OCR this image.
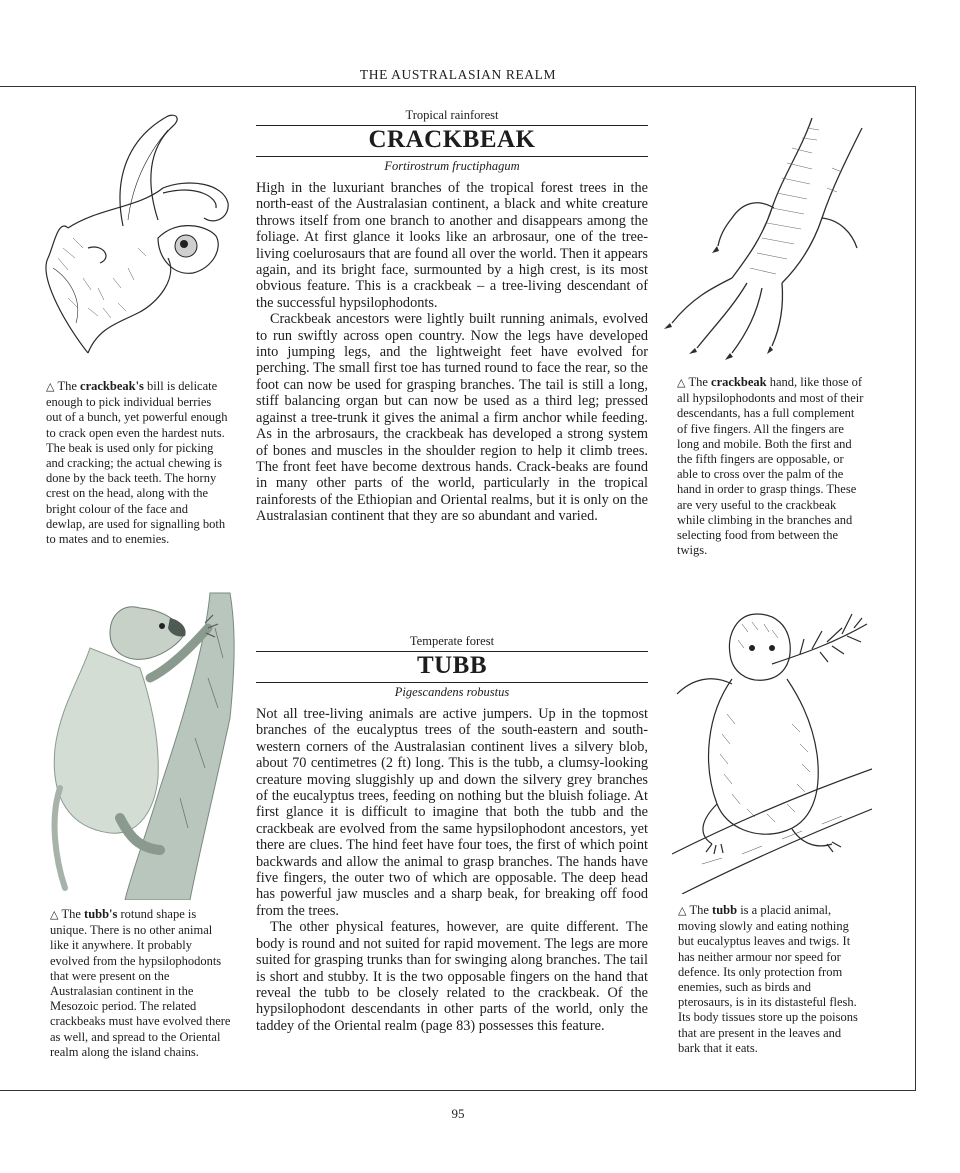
THE AUSTRALASIAN REALM
△ The crackbeak's bill is delicate enough to pick individual berries out of a bunch, yet powerful enough to crack open even the hardest nuts. The beak is used only for picking and cracking; the actual chewing is done by the back teeth. The horny crest on the head, along with the bright colour of the face and dewlap, are used for signalling both to mates and to enemies.

Tropical rainforest

CRACKBEAK

Fortirostrum fructiphagum

High in the luxuriant branches of the tropical forest trees in the north-east of the Australasian continent, a black and white creature throws itself from one branch to another and disappears among the foliage. At first glance it looks like an arbrosaur, one of the tree-living coelurosaurs that are found all over the world. Then it appears again, and its bright face, surmounted by a high crest, is its most obvious feature. This is a crackbeak – a tree-living descendant of the successful hypsilophodonts.

Crackbeak ancestors were lightly built running animals, evolved to run swiftly across open country. Now the legs have developed into jumping legs, and the lightweight feet have evolved for perching. The small first toe has turned round to face the rear, so the foot can now be used for grasping branches. The tail is still a long, stiff balancing organ but can now be used as a third leg; pressed against a tree-trunk it gives the animal a firm anchor while feeding. As in the arbrosaurs, the crackbeak has developed a strong system of bones and muscles in the shoulder region to help it climb trees. The front feet have become dextrous hands. Crack-beaks are found in many other parts of the world, particularly in the tropical rainforests of the Ethiopian and Oriental realms, but it is only on the Australasian continent that they are so abundant and varied.

△ The crackbeak hand, like those of all hypsilophodonts and most of their descendants, has a full complement of five fingers. All the fingers are long and mobile. Both the first and the fifth fingers are opposable, or able to cross over the palm of the hand in order to grasp things. These are very useful to the crackbeak while climbing in the branches and selecting food from between the twigs.
△ The tubb's rotund shape is unique. There is no other animal like it anywhere. It probably evolved from the hypsilophodonts that were present on the Australasian continent in the Mesozoic period. The related crackbeaks must have evolved there as well, and spread to the Oriental realm along the island chains.

Temperate forest

TUBB

Pigescandens robustus

Not all tree-living animals are active jumpers. Up in the topmost branches of the eucalyptus trees of the south-eastern and south-western corners of the Australasian continent lives a silvery blob, about 70 centimetres (2 ft) long. This is the tubb, a clumsy-looking creature moving sluggishly up and down the silvery grey branches of the eucalyptus trees, feeding on nothing but the bluish foliage. At first glance it is difficult to imagine that both the tubb and the crackbeak are evolved from the same hypsilophodont ancestors, yet there are clues. The hind feet have four toes, the first of which point backwards and allow the animal to grasp branches. The hands have five fingers, the outer two of which are opposable. The deep head has powerful jaw muscles and a sharp beak, for breaking off food from the trees.

The other physical features, however, are quite different. The body is round and not suited for rapid movement. The legs are more suited for grasping trunks than for swinging along branches. The tail is short and stubby. It is the two opposable fingers on the hand that reveal the tubb to be closely related to the crackbeak. Of the hypsilophodont descendants in other parts of the world, only the taddey of the Oriental realm (page 83) possesses this feature.

△ The tubb is a placid animal, moving slowly and eating nothing but eucalyptus leaves and twigs. It has neither armour nor speed for defence. Its only protection from enemies, such as birds and pterosaurs, is in its distasteful flesh. Its body tissues store up the poisons that are present in the leaves and bark that it eats.
95
